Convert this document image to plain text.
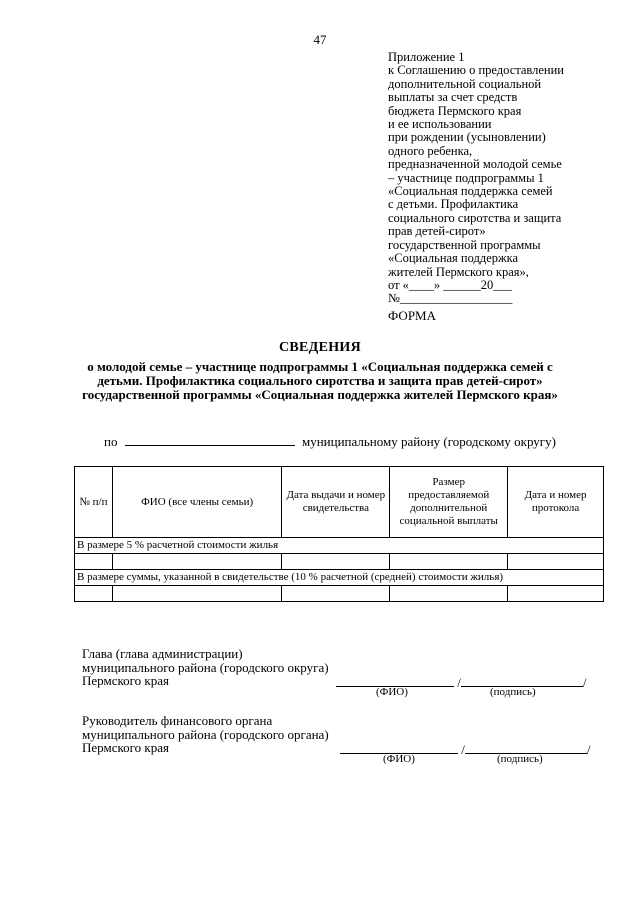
47
Приложение 1
к Соглашению о предоставлении
дополнительной социальной
выплаты за счет средств
бюджета Пермского края
и ее использовании
при рождении (усыновлении)
одного ребенка,
предназначенной молодой семье
– участнице подпрограммы 1
«Социальная поддержка семей
с детьми. Профилактика
социального сиротства и защита
прав детей-сирот»
государственной программы
«Социальная поддержка
жителей Пермского края»,
от «____» ______20___
№__________________
ФОРМА
СВЕДЕНИЯ
о молодой семье – участнице подпрограммы 1 «Социальная поддержка семей с детьми. Профилактика социального сиротства и защита прав детей-сирот» государственной программы «Социальная поддержка жителей Пермского края»
по	муниципальному району (городскому округу)
№ п/п	ФИО (все члены семьи)	Дата выдачи и номер свидетельства	Размер предоставляемой дополнительной социальной выплаты	Дата и номер протокола
В размере 5 % расчетной стоимости жилья				

В размере суммы, указанной в свидетельстве (10 % расчетной (средней) стоимости жилья)				

Глава (глава администрации) муниципального района (городского округа) Пермского края	/	/
(ФИО)	(подпись)
Руководитель финансового органа муниципального района (городского органа) Пермского края	/	/
(ФИО)	(подпись)
